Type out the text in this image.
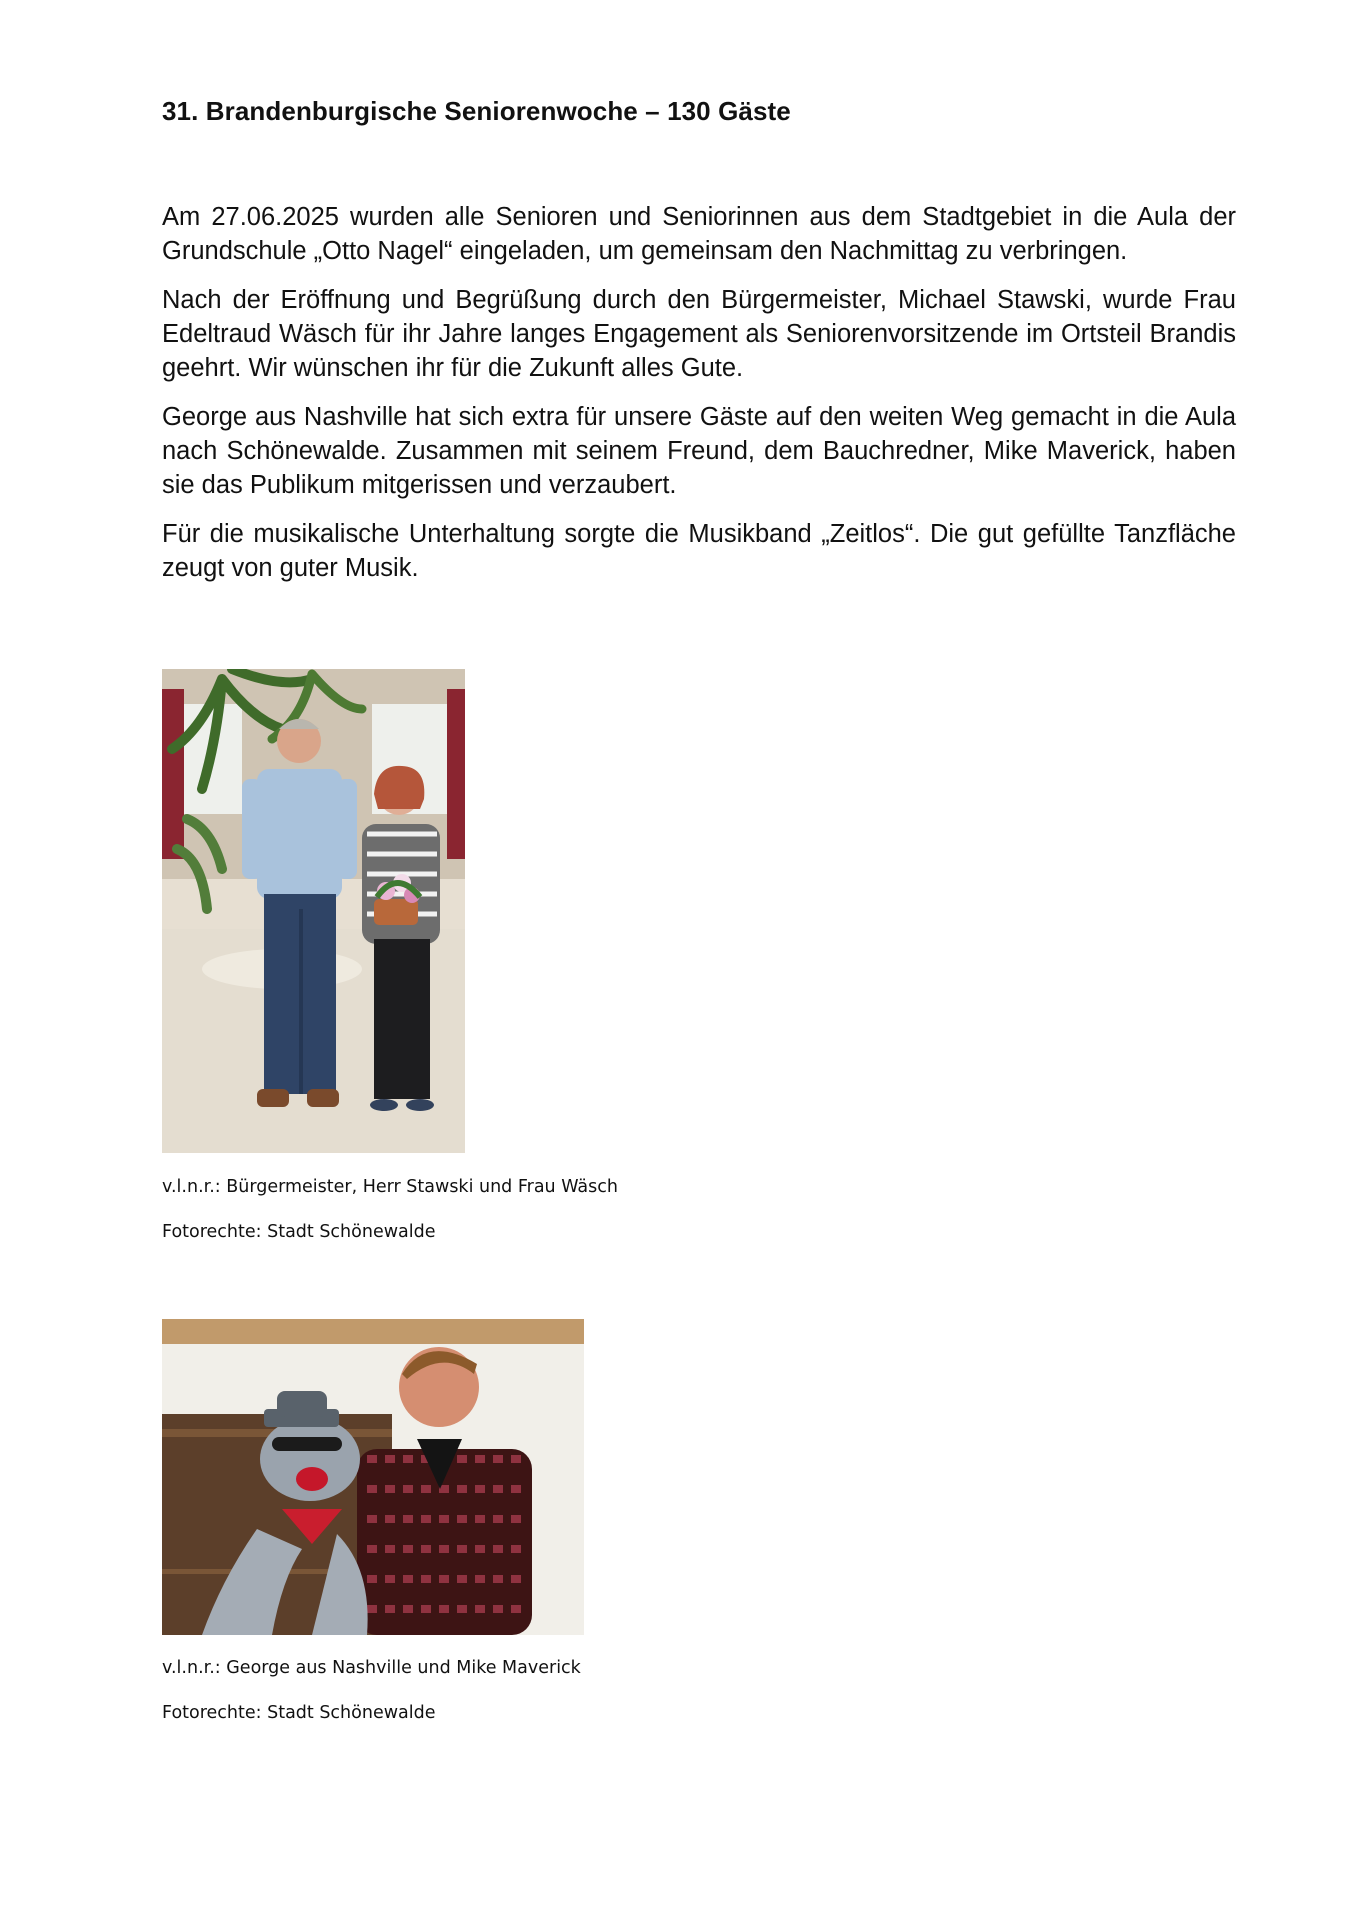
31. Brandenburgische Seniorenwoche – 130 Gäste

Am 27.06.2025 wurden alle Senioren und Seniorinnen aus dem Stadtgebiet in die Aula der Grundschule „Otto Nagel“ eingeladen, um gemeinsam den Nachmittag zu verbringen.

Nach der Eröffnung und Begrüßung durch den Bürgermeister, Michael Stawski, wurde Frau Edeltraud Wäsch für ihr Jahre langes Engagement als Seniorenvorsitzende im Ortsteil Brandis geehrt. Wir wünschen ihr für die Zukunft alles Gute.

George aus Nashville hat sich extra für unsere Gäste auf den weiten Weg gemacht in die Aula nach Schönewalde. Zusammen mit seinem Freund, dem Bauchredner, Mike Maverick, haben sie das Publikum mitgerissen und verzaubert.

Für die musikalische Unterhaltung sorgte die Musikband „Zeitlos“. Die gut gefüllte Tanzfläche zeugt von guter Musik.

v.l.n.r.: Bürgermeister, Herr Stawski und Frau Wäsch

Fotorechte: Stadt Schönewalde

v.l.n.r.: George aus Nashville und Mike Maverick

Fotorechte: Stadt Schönewalde
